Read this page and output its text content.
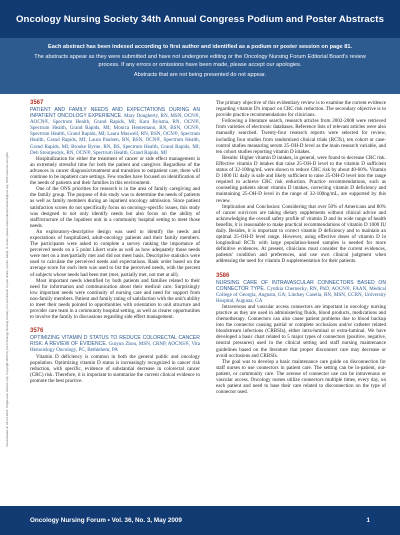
Oncology Nursing Society 34th Annual Congress Podium and Poster Abstracts

Each abstract has been indexed according to first author and identified as a podium or poster session on page 81.

The abstracts appear as they were submitted and have not undergone editing or the Oncology Nursing Forum Editorial Board's review process. If any errors or omissions have been made, please accept our apologies.

Abstracts that are not being presented do not appear.

Downloaded on 06-24-2024. Single-user license only. Copyright 2024 by the Oncology Nursing Society. For permission to post online, reprint, adapt, or reuse, please email pubpermissions@ons.org. ONS reserves all rights.
3567

PATIENT AND FAMILY NEEDS AND EXPECTATIONS DURING AN INPATIENT ONCOLOGY EXPERIENCE. Mary Dougherty, RN, MSN, OCN®, AOCN®, Spectrum Health, Grand Rapids, MI; Kara Bylsma, RN, OCN®, Spectrum Health, Grand Rapids, MI; Monica Hentemann, RN, BSN, OCN®, Spectrum Health, Grand Rapids, MI; Laura Maswell, RN, BSN, OCN®, Spectrum Health, Grand Rapids, MI; Laura Paulsen, RN, BSN, OCN®, Spectrum Health, Grand Rapids, MI; Brooke Byrne, RN, BS, Spectrum Health, Grand Rapids, MI; Deb Stoutjesdyk, RN, OCN®, Spectrum Health, Grand Rapids, MI

Hospitalization for either the treatment of cancer or side effect management is an extremely stressful time for both the patient and caregiver. Regardless of the advances in cancer diagnosis/treatment and transition to outpatient care, there will continue to be inpatient care settings. Few studies have focused on identification of the needs of patients and their families in this environment.

One of the ONS priorities for research is in the area of family caregiving and the family group. The purpose of this study was to determine the needs of patients as well as family members during an inpatient oncology admission. Since patient satisfaction scores do not specifically focus on oncology-specific issues, this study was designed to not only identify needs but also focus on the ability of staff/structure of the inpatient unit in a community hospital setting to meet those needs.

An exploratory-descriptive design was used to identify the needs and expectations of hospitalized, adult-oncology patients and their family members. The participants were asked to complete a survey ranking the importance of perceived needs on a 5 point Likert scale as well as how adequately those needs were met on a met/partially met and did not meet basis. Descriptive statistics were used to calculate the perceived needs and expectations. Rank order based on the average score for each item was used to list the perceived needs, with the percent of subjects whose needs had been met (met, partially met, not met at all).

Most important needs identified by both patients and families related to their need for information and communication about their medical care. Surprisingly low important needs were continuity of nursing care and need for support from non-family members. Patient and family rating of satisfaction with the unit's ability to meet their needs pointed to opportunities with orientation to unit structure and provider care team in a community hospital setting, as well as clearer opportunities to involve the family in discussions regarding side effect management.

3576

OPTIMIZING VITAMIN D STATUS TO REDUCE COLORECTAL CANCER RISK: A REVIEW OF EVIDENCE. Guiyun Zhou, MSN, CRNP, AOCNS®, Vita Hemoislogy Oncology, PC, Bethlehem, PA

Vitamin D deficiency is common in both the general public and oncology population. Optimizing vitamin D status is increasingly recognized in cancer risk reduction, with specific, evidence of substantial decrease in colorectal cancer (CRC) risk. Therefore, it is important to summarize the current clinical evidence to promote the best practice.

The primary objective of this evidentiary review is to examine the current evidence regarding vitamin D's impact on CRC risk reduction. The secondary objective is to provide practice recommendations for clinicians.

Following a literature search, research articles from 2002-2008 were retrieved from varieties of electronic databases. Reference lists of relevant articles were also manually searched. Twenty-four research reports were selected for review, including four studies from randomized clinical trials (RCTs), ten cohort or case-control studies measuring serum 25-OH-D level as the main research variable, and ten cohort studies reporting vitamin D intakes.

Results: Higher vitamin D intakes, in general, were found to decrease CRC risk. Effective vitamin D intakes that raise 25-OH-D level to the vitamin D sufficient status of 32-100ng/mL were shown to reduce CRC risk by about 40-60%. Vitamin D 1000 IU daily is safe and likely sufficient to raise 25-OH-D level into the range required to achieve CRC risk reduction. Practice recommendations, such as counseling patients about vitamin D intakes, correcting vitamin D deficiency and maintaining 25-OH-D level in the range of 32-100ng/mL, are supported by this review.

Implication and Conclusion: Considering that over 50% of Americans and 80% of cancer survivors are taking dietary supplements without clinical advice and acknowledging the overall safety profile of vitamin D and its wide range of health benefits, it is reasonable to make practical recommendations of vitamin D 1000 IU daily. Besides, it is important to correct vitamin D deficiency and to maintain an optimal 25-OH-D level range. However, using effective doses of vitamin D in longitudinal RCTs with large population-based samples is needed for more definitive evidences. At present, clinicians must consider the current evidences, patients' condition and preferences, and use own clinical judgment when addressing the need for vitamin D supplementation for their patients.

3586

NURSING CARE OF INTRAVASCULAR CONNECTORS BASED ON CONNECTOR TYPE. Cynthia Chernecky, RN, PhD, AOCN®, FAAN, Medical College of Georgia, Augusta, GA; Lindsey Casella, RN, MSN, CCRN, University Hospital, Augusta, GA

Intravenous and vascular access connectors are important in oncology nursing practice as they are used in administering fluids, blood products, medications and chemotherapy. Connectors can also cause patient problems due to blood backup into the connector causing partial or complete occlusions and/or catheter related bloodstream infections (CRBSIs), either intra-luminal or extra-luminal. We have developed a basic chart related to 5 major types of connectors (positive, negative, neutral pressures) used in the clinical setting and staff nursing maintenance guidelines based on the literature that proper disconnect care may decrease or avoid occlusions and CRBSIs.

The goal was to develop a basic maintenance care guide on disconnection for staff nurses to use connectors in patient care. The setting can be in-patient, out-patient, or community care. The avenue of connector use can be intravenous or vascular access. Oncology nurses utilize connectors multiple times, every day, on each patient and need to base their care related to disconnection on the type of connector used.

Oncology Nursing Forum • Vol. 36, No. 3, May 2009	1
